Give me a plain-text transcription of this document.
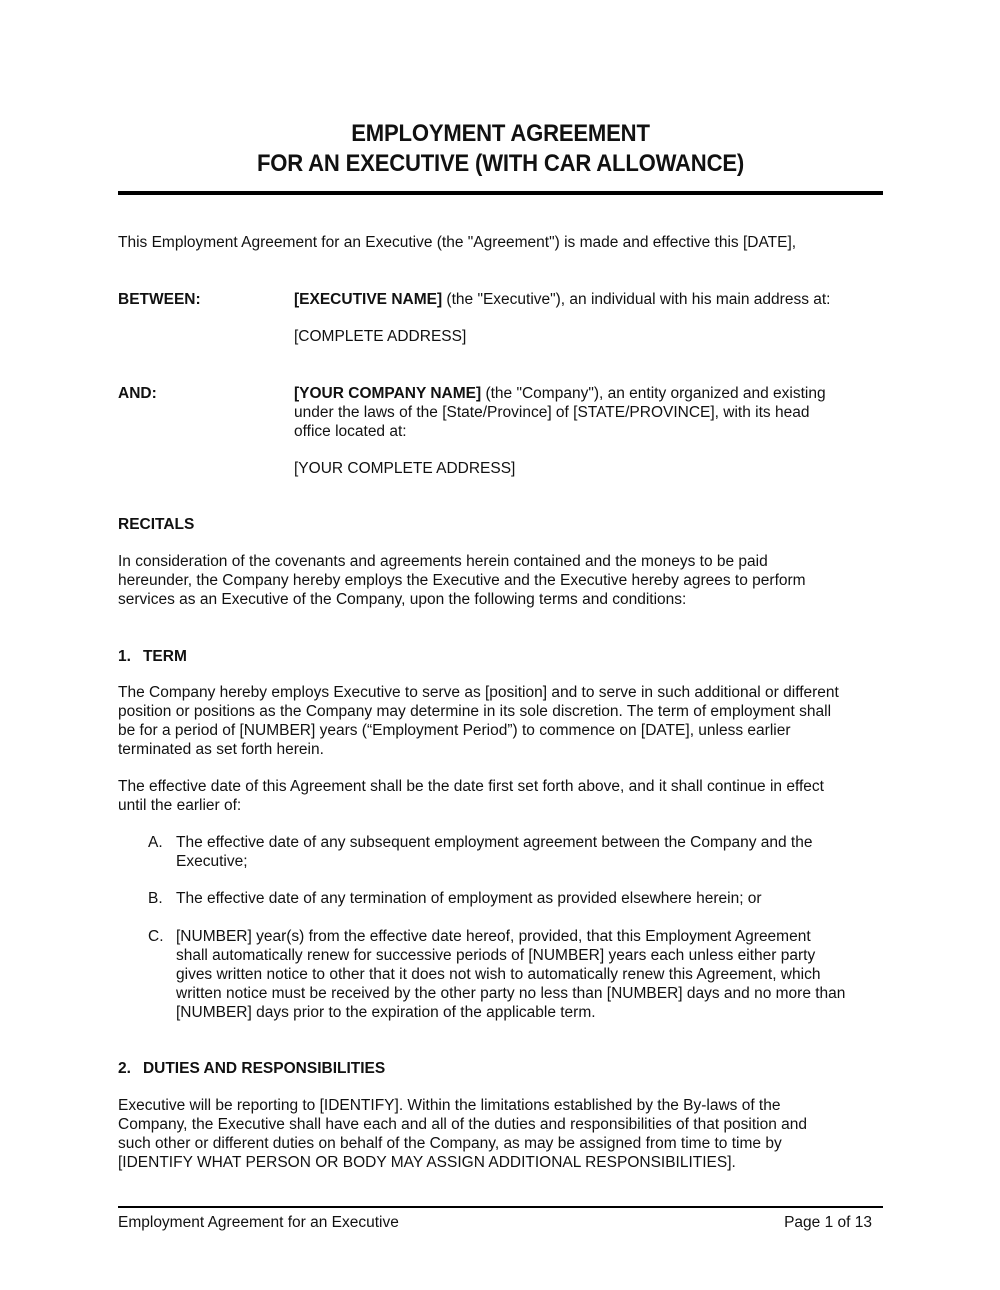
EMPLOYMENT AGREEMENT
FOR AN EXECUTIVE (WITH CAR ALLOWANCE)
This Employment Agreement for an Executive (the "Agreement") is made and effective this [DATE],
BETWEEN:	[EXECUTIVE NAME] (the "Executive"), an individual with his main address at:
[COMPLETE ADDRESS]
AND:	[YOUR COMPANY NAME] (the "Company"), an entity organized and existing
under the laws of the [State/Province] of [STATE/PROVINCE], with its head
office located at:
[YOUR COMPLETE ADDRESS]
RECITALS
In consideration of the covenants and agreements herein contained and the moneys to be paid
hereunder, the Company hereby employs the Executive and the Executive hereby agrees to perform
services as an Executive of the Company, upon the following terms and conditions:
1. TERM
The Company hereby employs Executive to serve as [position] and to serve in such additional or different
position or positions as the Company may determine in its sole discretion. The term of employment shall
be for a period of [NUMBER] years (“Employment Period”) to commence on [DATE], unless earlier
terminated as set forth herein.
The effective date of this Agreement shall be the date first set forth above, and it shall continue in effect
until the earlier of:
A. The effective date of any subsequent employment agreement between the Company and the
Executive;
B. The effective date of any termination of employment as provided elsewhere herein; or
C. [NUMBER] year(s) from the effective date hereof, provided, that this Employment Agreement
shall automatically renew for successive periods of [NUMBER] years each unless either party
gives written notice to other that it does not wish to automatically renew this Agreement, which
written notice must be received by the other party no less than [NUMBER] days and no more than
[NUMBER] days prior to the expiration of the applicable term.
2. DUTIES AND RESPONSIBILITIES
Executive will be reporting to [IDENTIFY]. Within the limitations established by the By-laws of the
Company, the Executive shall have each and all of the duties and responsibilities of that position and
such other or different duties on behalf of the Company, as may be assigned from time to time by
[IDENTIFY WHAT PERSON OR BODY MAY ASSIGN ADDITIONAL RESPONSIBILITIES].
Employment Agreement for an Executive	Page 1 of 13
